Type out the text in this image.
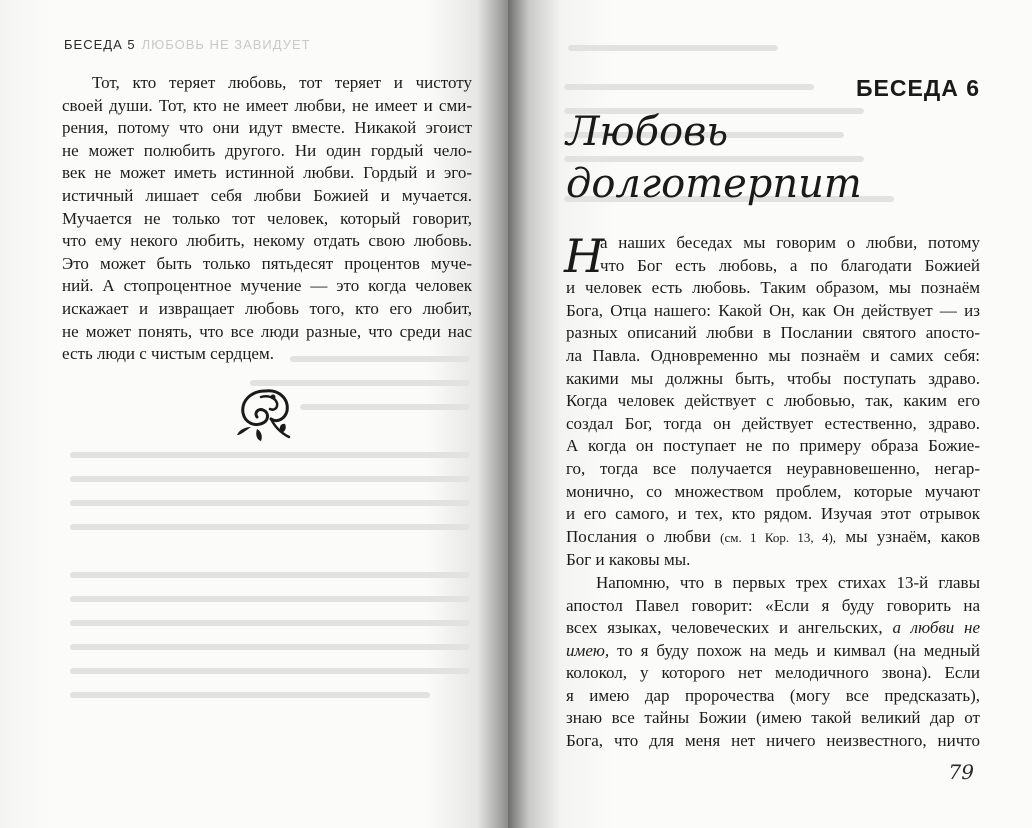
БЕСЕДА 5 ЛЮБОВЬ НЕ ЗАВИДУЕТ
Тот, кто теряет любовь, тот теряет и чистоту
своей души. Тот, кто не имеет любви, не имеет и сми-
рения, потому что они идут вместе. Никакой эгоист
не может полюбить другого. Ни один гордый чело-
век не может иметь истинной любви. Гордый и эго-
истичный лишает себя любви Божией и мучается.
Мучается не только тот человек, который говорит,
что ему некого любить, некому отдать свою любовь.
Это может быть только пятьдесят процентов муче-
ний. А стопроцентное мучение — это когда человек
искажает и извращает любовь того, кто его любит,
не может понять, что все люди разные, что среди нас
есть люди с чистым сердцем.
БЕСЕДА 6
Любовь
долготерпит
Н
а наших беседах мы говорим о любви, потому
что Бог есть любовь, а по благодати Божией
и человек есть любовь. Таким образом, мы познаём
Бога, Отца нашего: Какой Он, как Он действует — из
разных описаний любви в Послании святого апосто-
ла Павла. Одновременно мы познаём и самих себя:
какими мы должны быть, чтобы поступать здраво.
Когда человек действует с любовью, так, каким его
создал Бог, тогда он действует естественно, здраво.
А когда он поступает не по примеру образа Божие-
го, тогда все получается неуравновешенно, негар-
монично, со множеством проблем, которые мучают
и его самого, и тех, кто рядом. Изучая этот отрывок
Послания о любви (см. 1 Кор. 13, 4), мы узнаём, каков
Бог и каковы мы.
Напомню, что в первых трех стихах 13-й главы
апостол Павел говорит: «Если я буду говорить на
всех языках, человеческих и ангельских, а любви не
имею, то я буду похож на медь и кимвал (на медный
колокол, у которого нет мелодичного звона). Если
я имею дар пророчества (могу все предсказать),
знаю все тайны Божии (имею такой великий дар от
Бога, что для меня нет ничего неизвестного, ничто
79
